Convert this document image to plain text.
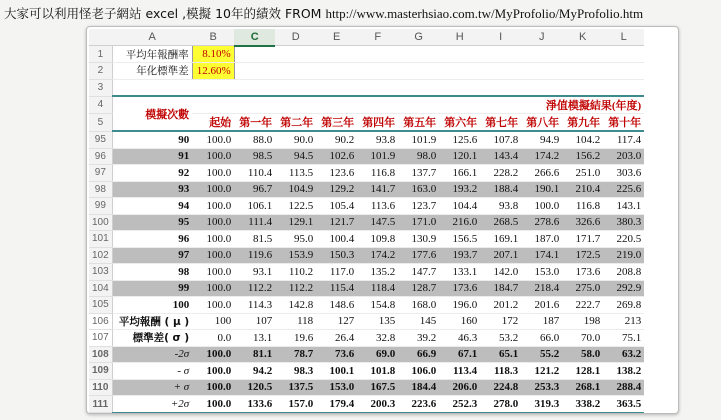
大家可以利用怪老子網站 excel ,模擬 10年的績效 FROM http://www.masterhsiao.com.tw/MyProfolio/MyProfolio.htm
	A	B	C	D	E	F	G	H	I	J	K	L
1	平均年報酬率	8.10%										
2	年化標準差	12.60%										
3												
4	模擬次數		淨值模擬結果(年度)									
5		起始	第一年	第二年	第三年	第四年	第五年	第六年	第七年	第八年	第九年	第十年
95	90	100.0	88.0	90.0	90.2	93.8	101.9	125.6	107.8	94.9	104.2	117.4
96	91	100.0	98.5	94.5	102.6	101.9	98.0	120.1	143.4	174.2	156.2	203.0
97	92	100.0	110.4	113.5	123.6	116.8	137.7	166.1	228.2	266.6	251.0	303.6
98	93	100.0	96.7	104.9	129.2	141.7	163.0	193.2	188.4	190.1	210.4	225.6
99	94	100.0	106.1	122.5	105.4	113.6	123.7	104.4	93.8	100.0	116.8	143.1
100	95	100.0	111.4	129.1	121.7	147.5	171.0	216.0	268.5	278.6	326.6	380.3
101	96	100.0	81.5	95.0	100.4	109.8	130.9	156.5	169.1	187.0	171.7	220.5
102	97	100.0	119.6	153.9	150.3	174.2	177.6	193.7	207.1	174.1	172.5	219.0
103	98	100.0	93.1	110.2	117.0	135.2	147.7	133.1	142.0	153.0	173.6	208.8
104	99	100.0	112.2	112.2	115.4	118.4	128.7	173.6	184.7	218.4	275.0	292.9
105	100	100.0	114.3	142.8	148.6	154.8	168.0	196.0	201.2	201.6	222.7	269.8
106	平均報酬 ( μ )	100	107	118	127	135	145	160	172	187	198	213
107	標準差( σ )	0.0	13.1	19.6	26.4	32.8	39.2	46.3	53.2	66.0	70.0	75.1
108	-2σ	100.0	81.1	78.7	73.6	69.0	66.9	67.1	65.1	55.2	58.0	63.2
109	- σ	100.0	94.2	98.3	100.1	101.8	106.0	113.4	118.3	121.2	128.1	138.2
110	+ σ	100.0	120.5	137.5	153.0	167.5	184.4	206.0	224.8	253.3	268.1	288.4
111	+2σ	100.0	133.6	157.0	179.4	200.3	223.6	252.3	278.0	319.3	338.2	363.5
